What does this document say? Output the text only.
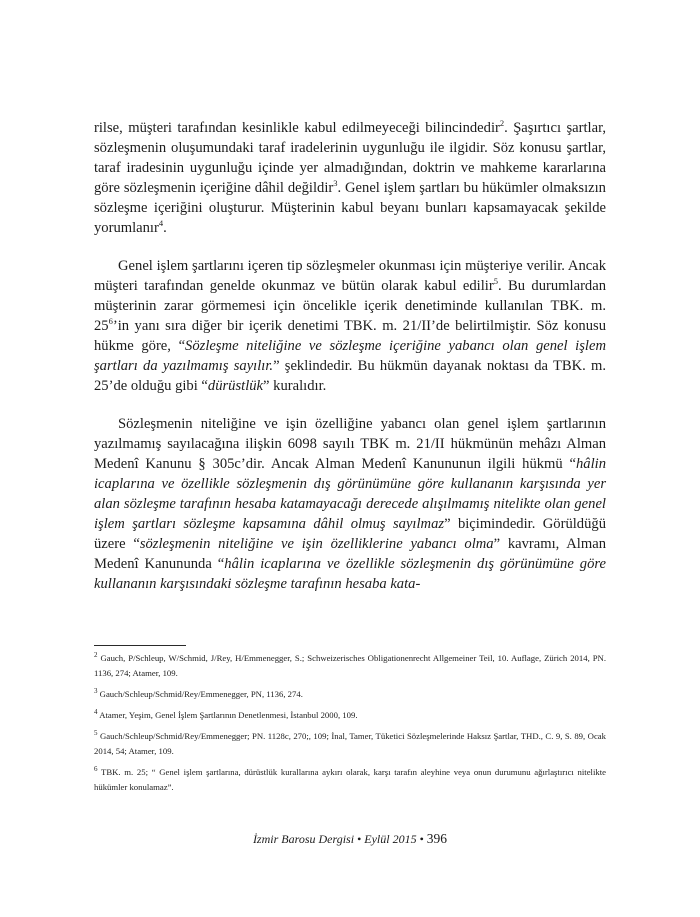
rilse, müşteri tarafından kesinlikle kabul edilmeyeceği bilincindedir$^2$. Şaşırtıcı şartlar, sözleşmenin oluşumundaki taraf iradelerinin uygunluğu ile ilgidir. Söz konusu şartlar, taraf iradesinin uygunluğu içinde yer almadığından, doktrin ve mahkeme kararlarına göre sözleşmenin içeriğine dâhil değildir$^3$. Genel işlem şartları bu hükümler olmaksızın sözleşme içeriğini oluşturur. Müşterinin kabul beyanı bunları kapsamayacak şekilde yorumlanır$^4$.

Genel işlem şartlarını içeren tip sözleşmeler okunması için müşteriye verilir. Ancak müşteri tarafından genelde okunmaz ve bütün olarak kabul edilir$^5$. Bu durumlardan müşterinin zarar görmemesi için öncelikle içerik denetiminde kullanılan TBK. m. $25^6’in$ yanı sıra diğer bir içerik denetimi TBK. m. 21/II’de belirtilmiştir. Söz konusu hükme göre, “Sözleşme niteliğine ve sözleşme içeriğine yabancı olan genel işlem şartları da yazılmamış sayılır.” şeklindedir. Bu hükmün dayanak noktası da TBK. m. 25’de olduğu gibi “dürüstlük” kuralıdır.

Sözleşmenin niteliğine ve işin özelliğine yabancı olan genel işlem şartlarının yazılmamış sayılacağına ilişkin 6098 sayılı TBK m. 21/II hükmünün mehâzı Alman Medenî Kanunu § 305c’dir. Ancak Alman Medenî Kanununun ilgili hükmü “hâlin icaplarına ve özellikle sözleşmenin dış görünümüne göre kullananın karşısında yer alan sözleşme tarafının hesaba katamayacağı derecede alışılmamış nitelikte olan genel işlem şartları sözleşme kapsamına dâhil olmuş sayılmaz” biçimindedir. Görüldüğü üzere “sözleşmenin niteliğine ve işin özelliklerine yabancı olma” kavramı, Alman Medenî Kanununda “hâlin icaplarına ve özellikle sözleşmenin dış görünümüne göre kullananın karşısındaki sözleşme tarafının hesaba kata-

$^2$ Gauch, P/Schleup, W/Schmid, J/Rey, H/Emmenegger, S.; Schweizerisches Obligationenrecht Allgemeiner Teil, 10. Auflage, Zürich 2014, PN. 1136, 274; Atamer, 109.

$^3$ Gauch/Schleup/Schmid/Rey/Emmenegger, PN, 1136, 274.

$^4$ Atamer, Yeşim, Genel İşlem Şartlarının Denetlenmesi, İstanbul 2000, 109.

$^5$ Gauch/Schleup/Schmid/Rey/Emmenegger; PN. 1128c, 270;, 109; İnal, Tamer, Tüketici Sözleşmelerinde Haksız Şartlar, THD., C. 9, S. 89, Ocak 2014, 54; Atamer, 109.

$^6$ TBK. m. 25; “ Genel işlem şartlarına, dürüstlük kurallarına aykırı olarak, karşı tarafın aleyhine veya onun durumunu ağırlaştırıcı nitelikte hükümler konulamaz”.

İzmir Barosu Dergisi • Eylül 2015 • 396
